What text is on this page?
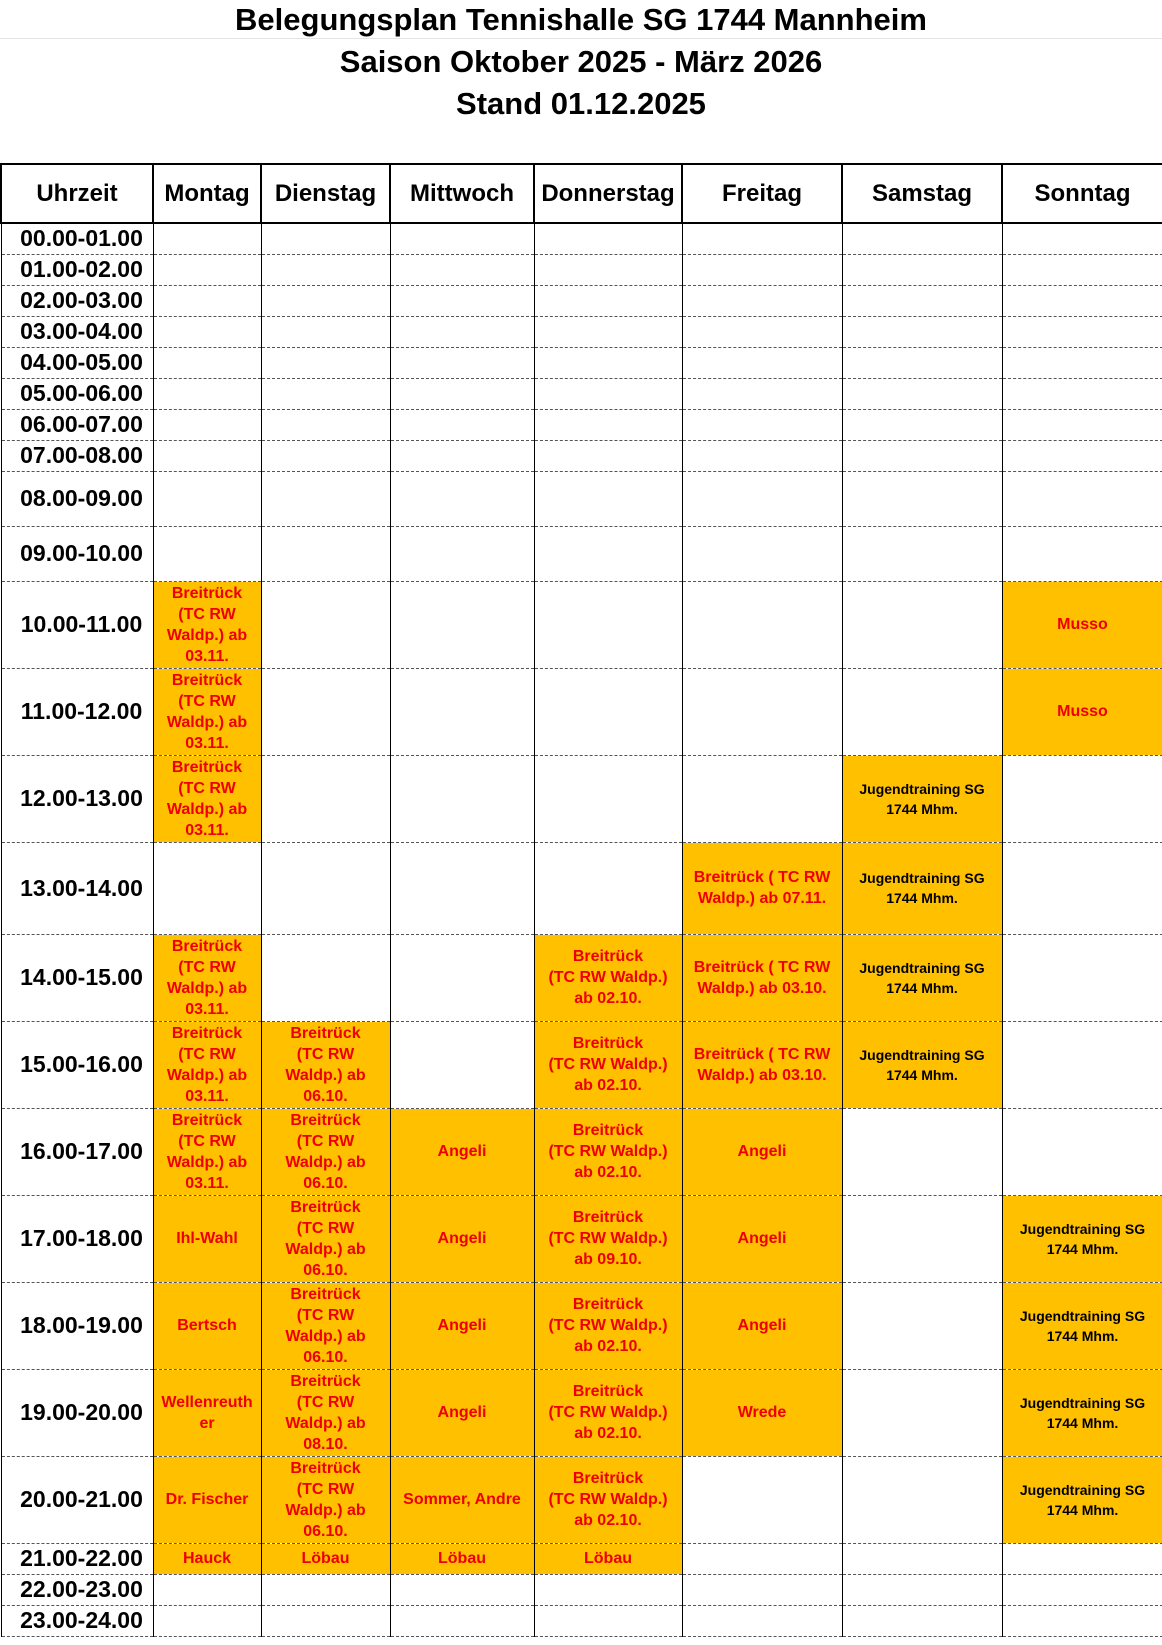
Belegungsplan Tennishalle SG 1744 Mannheim
Saison Oktober 2025 - März 2026
Stand 01.12.2025
Uhrzeit	Montag	Dienstag	Mittwoch	Donnerstag	Freitag	Samstag	Sonntag
00.00-01.00							
01.00-02.00							
02.00-03.00							
03.00-04.00							
04.00-05.00							
05.00-06.00							
06.00-07.00							
07.00-08.00							
08.00-09.00							
09.00-10.00							
10.00-11.00	Breitrück
(TC RW
Waldp.) ab
03.11.						Musso

11.00-12.00	Breitrück
(TC RW
Waldp.) ab
03.11.						Musso

12.00-13.00	Breitrück
(TC RW
Waldp.) ab
03.11.					Jugendtraining SG
1744 Mhm.	

13.00-14.00					Breitrück ( TC RW
Waldp.) ab 07.11.	Jugendtraining SG
1744 Mhm.	

14.00-15.00	Breitrück
(TC RW
Waldp.) ab
03.11.			Breitrück
(TC RW Waldp.)
ab 02.10.	Breitrück ( TC RW
Waldp.) ab 03.10.	Jugendtraining SG
1744 Mhm.	

15.00-16.00	Breitrück
(TC RW
Waldp.) ab
03.11.	Breitrück
(TC RW
Waldp.) ab
06.10.		Breitrück
(TC RW Waldp.)
ab 02.10.	Breitrück ( TC RW
Waldp.) ab 03.10.	Jugendtraining SG
1744 Mhm.	

16.00-17.00	Breitrück
(TC RW
Waldp.) ab
03.11.	Breitrück
(TC RW
Waldp.) ab
06.10.	Angeli	Breitrück
(TC RW Waldp.)
ab 02.10.	Angeli		

17.00-18.00	Ihl-Wahl	Breitrück
(TC RW
Waldp.) ab
06.10.	Angeli	Breitrück
(TC RW Waldp.)
ab 09.10.	Angeli		Jugendtraining SG
1744 Mhm.

18.00-19.00	Bertsch	Breitrück
(TC RW
Waldp.) ab
06.10.	Angeli	Breitrück
(TC RW Waldp.)
ab 02.10.	Angeli		Jugendtraining SG
1744 Mhm.

19.00-20.00	Wellenreuth
er	Breitrück
(TC RW
Waldp.) ab
08.10.	Angeli	Breitrück
(TC RW Waldp.)
ab 02.10.	Wrede		Jugendtraining SG
1744 Mhm.

20.00-21.00	Dr. Fischer	Breitrück
(TC RW
Waldp.) ab
06.10.	Sommer, Andre	Breitrück
(TC RW Waldp.)
ab 02.10.			Jugendtraining SG
1744 Mhm.

21.00-22.00	Hauck	Löbau	Löbau	Löbau			

22.00-23.00							
23.00-24.00							
